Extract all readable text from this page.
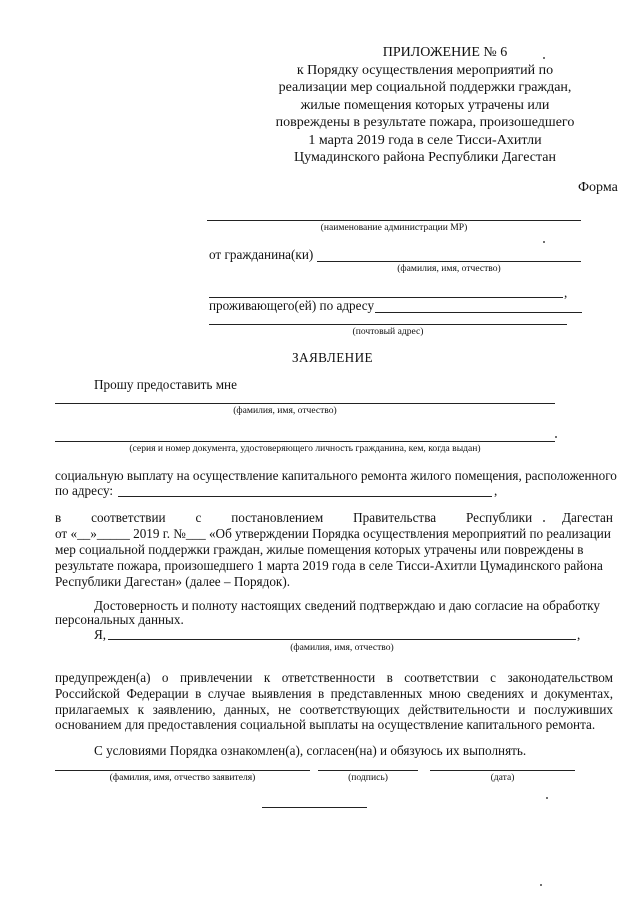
ПРИЛОЖЕНИЕ № 6
к Порядку осуществления мероприятий по
реализации мер социальной поддержки граждан,
жилые помещения которых утрачены или
повреждены в результате пожара, произошедшего
1 марта 2019 года в селе Тисси-Ахитли
Цумадинского района Республики Дагестан
Форма
(наименование администрации МР)
от гражданина(ки)
(фамилия, имя, отчество)
,
проживающего(ей) по адресу
(почтовый адрес)
ЗАЯВЛЕНИЕ
Прошу предоставить мне
(фамилия, имя, отчество)
(серия и номер документа, удостоверяющего личность гражданина, кем, когда выдан)
социальную выплату на осуществление капитального ремонта жилого помещения, расположенного
по адресу:	,
в соответствии с постановлением Правительства Республики Дагестан
от «__»_____ 2019 г. №___ «Об утверждении Порядка осуществления мероприятий по реализации
мер социальной поддержки граждан, жилые помещения которых утрачены или повреждены в
результате пожара, произошедшего 1 марта 2019 года в селе Тисси-Ахитли Цумадинского района
Республики Дагестан» (далее – Порядок).
Достоверность и полноту настоящих сведений подтверждаю и даю согласие на обработку
персональных данных.
Я,	,
(фамилия, имя, отчество)
предупрежден(а) о привлечении к ответственности в соответствии с законодательством
Российской Федерации в случае выявления в представленных мною сведениях и документах,
прилагаемых к заявлению, данных, не соответствующих действительности и послуживших
основанием для предоставления социальной выплаты на осуществление капитального ремонта.
С условиями Порядка ознакомлен(а), согласен(на) и обязуюсь их выполнять.
(фамилия, имя, отчество заявителя)	(подпись)	(дата)
